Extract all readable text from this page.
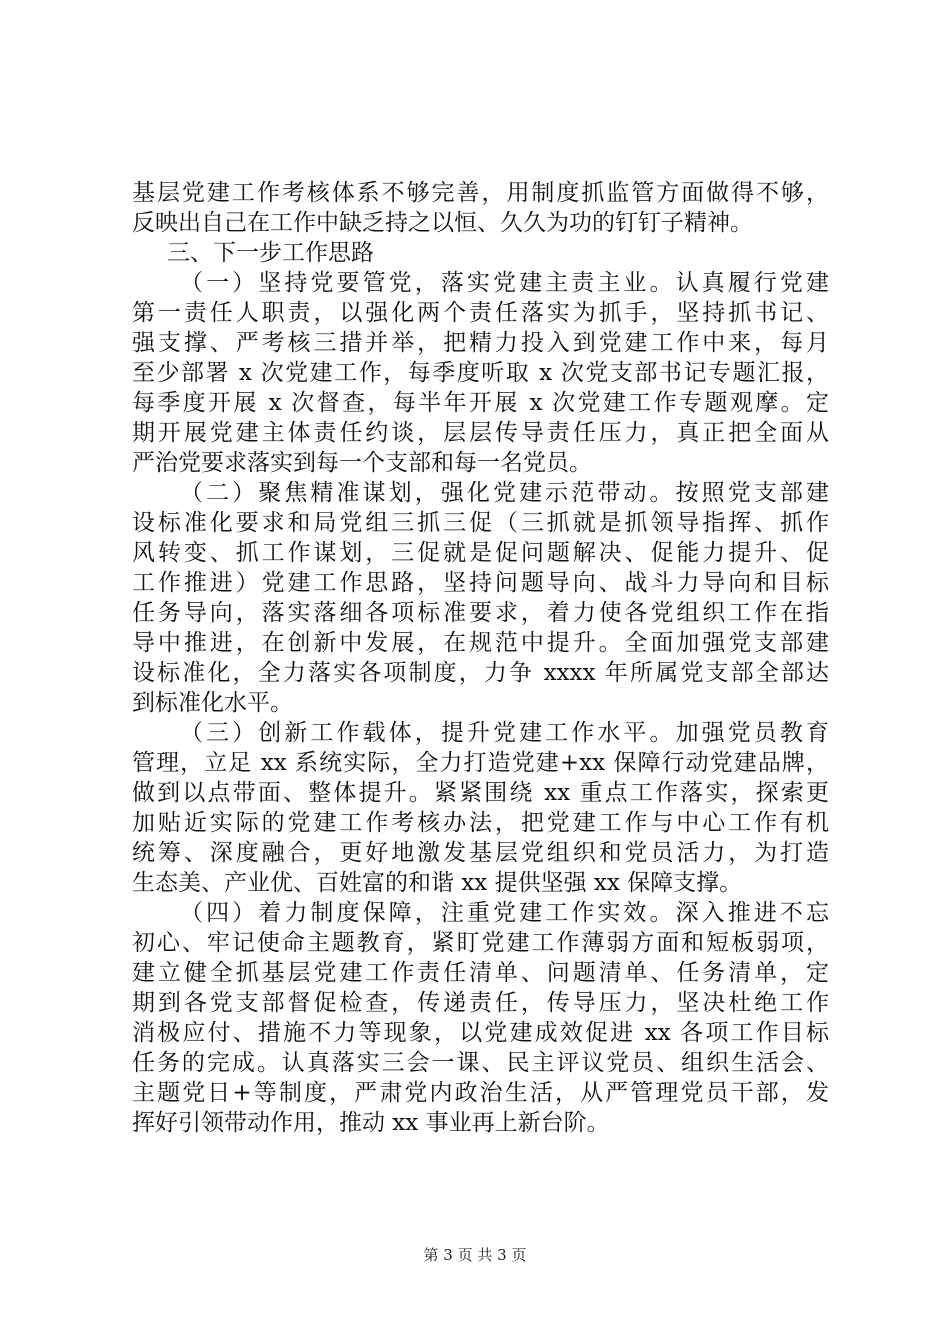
基层党建工作考核体系不够完善，用制度抓监管方面做得不够，
反映出自己在工作中缺乏持之以恒、久久为功的钉钉子精神。
三、下一步工作思路
（一）坚持党要管党，落实党建主责主业。认真履行党建
第一责任人职责，以强化两个责任落实为抓手，坚持抓书记、
强支撑、严考核三措并举，把精力投入到党建工作中来，每月
至少部署 x 次党建工作，每季度听取 x 次党支部书记专题汇报，
每季度开展 x 次督查，每半年开展 x 次党建工作专题观摩。定
期开展党建主体责任约谈，层层传导责任压力，真正把全面从
严治党要求落实到每一个支部和每一名党员。
（二）聚焦精准谋划，强化党建示范带动。按照党支部建
设标准化要求和局党组三抓三促（三抓就是抓领导指挥、抓作
风转变、抓工作谋划，三促就是促问题解决、促能力提升、促
工作推进）党建工作思路，坚持问题导向、战斗力导向和目标
任务导向，落实落细各项标准要求，着力使各党组织工作在指
导中推进，在创新中发展，在规范中提升。全面加强党支部建
设标准化，全力落实各项制度，力争 xxxx 年所属党支部全部达
到标准化水平。
（三）创新工作载体，提升党建工作水平。加强党员教育
管理，立足 xx 系统实际，全力打造党建+xx 保障行动党建品牌，
做到以点带面、整体提升。紧紧围绕 xx 重点工作落实，探索更
加贴近实际的党建工作考核办法，把党建工作与中心工作有机
统筹、深度融合，更好地激发基层党组织和党员活力，为打造
生态美、产业优、百姓富的和谐 xx 提供坚强 xx 保障支撑。
（四）着力制度保障，注重党建工作实效。深入推进不忘
初心、牢记使命主题教育，紧盯党建工作薄弱方面和短板弱项，
建立健全抓基层党建工作责任清单、问题清单、任务清单，定
期到各党支部督促检查，传递责任，传导压力，坚决杜绝工作
消极应付、措施不力等现象，以党建成效促进 xx 各项工作目标
任务的完成。认真落实三会一课、民主评议党员、组织生活会、
主题党日+等制度，严肃党内政治生活，从严管理党员干部，发
挥好引领带动作用，推动 xx 事业再上新台阶。
第 3 页 共 3 页
